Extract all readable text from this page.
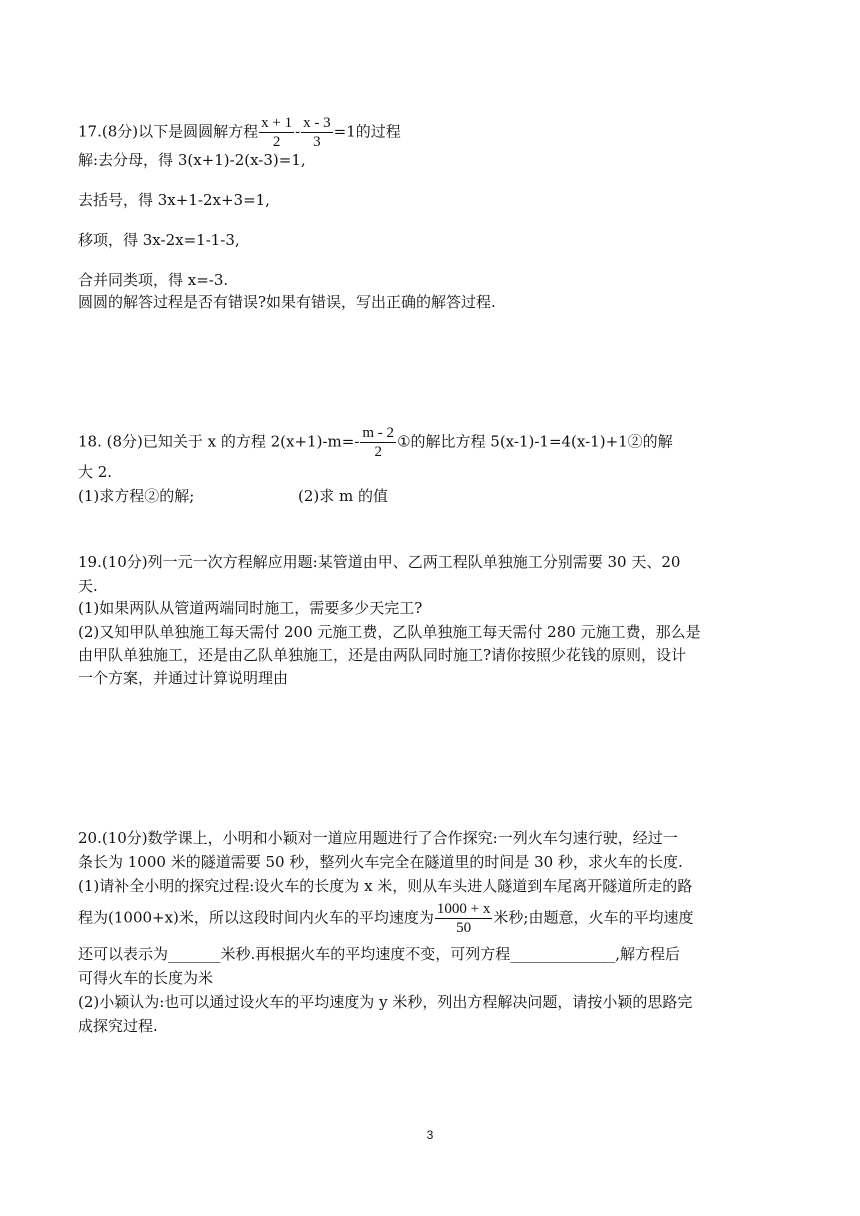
17.(8分)以下是圆圆解方程 $\frac{x + 1}{2} - \frac{x - 3}{3} =1$的过程
解:去分母，得 3(x+1)-2(x-3)=1,
去括号，得 3x+1-2x+3=1,
移项，得 3x-2x=1-1-3,
合并同类项，得 x=-3.
圆圆的解答过程是否有错误?如果有错误，写出正确的解答过程.
18. (8分)已知关于 x 的方程 $2(x+1)-m=- \frac{m - 2}{2}$ ①的解比方程 5(x-1)-1=4(x-1)+1②的解
大 2.
(1)求方程②的解;	(2)求 m 的值
19.(10分)列一元一次方程解应用题:某管道由甲、乙两工程队单独施工分别需要 30 天、20
天.
(1)如果两队从管道两端同时施工，需要多少天完工?
(2)又知甲队单独施工每天需付 200 元施工费，乙队单独施工每天需付 280 元施工费，那么是
由甲队单独施工，还是由乙队单独施工，还是由两队同时施工?请你按照少花钱的原则，设计
一个方案，并通过计算说明理由
20.(10分)数学课上，小明和小颖对一道应用题进行了合作探究:一列火车匀速行驶，经过一
条长为 1000 米的隧道需要 50 秒，整列火车完全在隧道里的时间是 30 秒，求火车的长度.
(1)请补全小明的探究过程:设火车的长度为 x 米，则从车头进人隧道到车尾离开隧道所走的路
程为(1000+x)米，所以这段时间内火车的平均速度为 $\frac{1000 + x}{50}$ 米秒;由题意，火车的平均速度
还可以表示为_______米秒.再根据火车的平均速度不变，可列方程______________,解方程后
可得火车的长度为米
(2)小颖认为:也可以通过设火车的平均速度为 y 米秒，列出方程解决问题，请按小颖的思路完
成探究过程.
3
